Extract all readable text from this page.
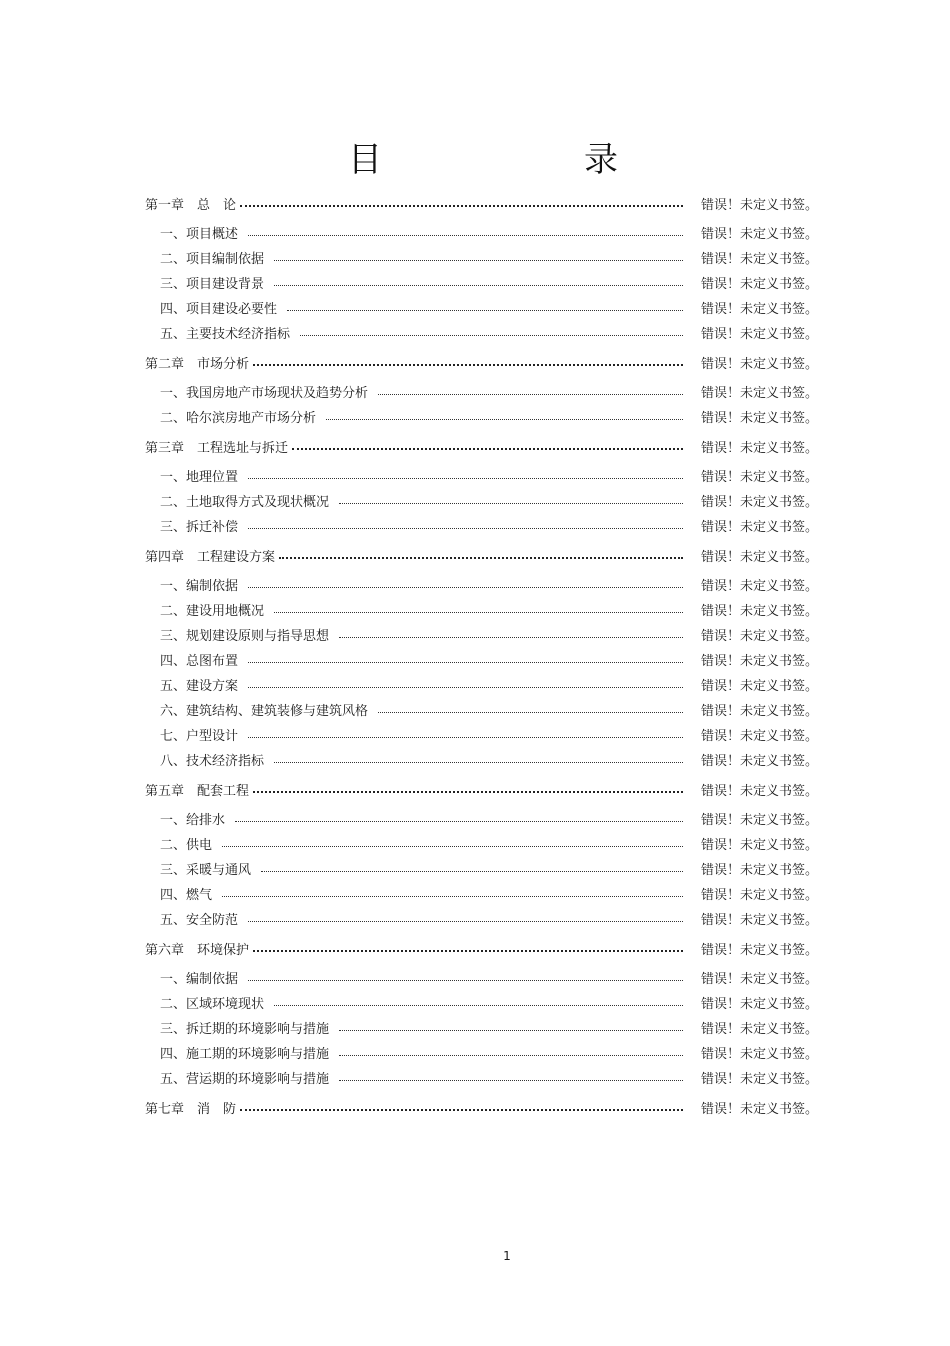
目　录
第一章　总　论	错误！未定义书签。
一、项目概述	错误！未定义书签。
二、项目编制依据	错误！未定义书签。
三、项目建设背景	错误！未定义书签。
四、项目建设必要性	错误！未定义书签。
五、主要技术经济指标	错误！未定义书签。
第二章　市场分析	错误！未定义书签。
一、我国房地产市场现状及趋势分析	错误！未定义书签。
二、哈尔滨房地产市场分析	错误！未定义书签。
第三章　工程选址与拆迁	错误！未定义书签。
一、地理位置	错误！未定义书签。
二、土地取得方式及现状概况	错误！未定义书签。
三、拆迁补偿	错误！未定义书签。
第四章　工程建设方案	错误！未定义书签。
一、编制依据	错误！未定义书签。
二、建设用地概况	错误！未定义书签。
三、规划建设原则与指导思想	错误！未定义书签。
四、总图布置	错误！未定义书签。
五、建设方案	错误！未定义书签。
六、建筑结构、建筑装修与建筑风格	错误！未定义书签。
七、户型设计	错误！未定义书签。
八、技术经济指标	错误！未定义书签。
第五章　配套工程	错误！未定义书签。
一、给排水	错误！未定义书签。
二、供电	错误！未定义书签。
三、采暖与通风	错误！未定义书签。
四、燃气	错误！未定义书签。
五、安全防范	错误！未定义书签。
第六章　环境保护	错误！未定义书签。
一、编制依据	错误！未定义书签。
二、区域环境现状	错误！未定义书签。
三、拆迁期的环境影响与措施	错误！未定义书签。
四、施工期的环境影响与措施	错误！未定义书签。
五、营运期的环境影响与措施	错误！未定义书签。
第七章　消　防	错误！未定义书签。
1
